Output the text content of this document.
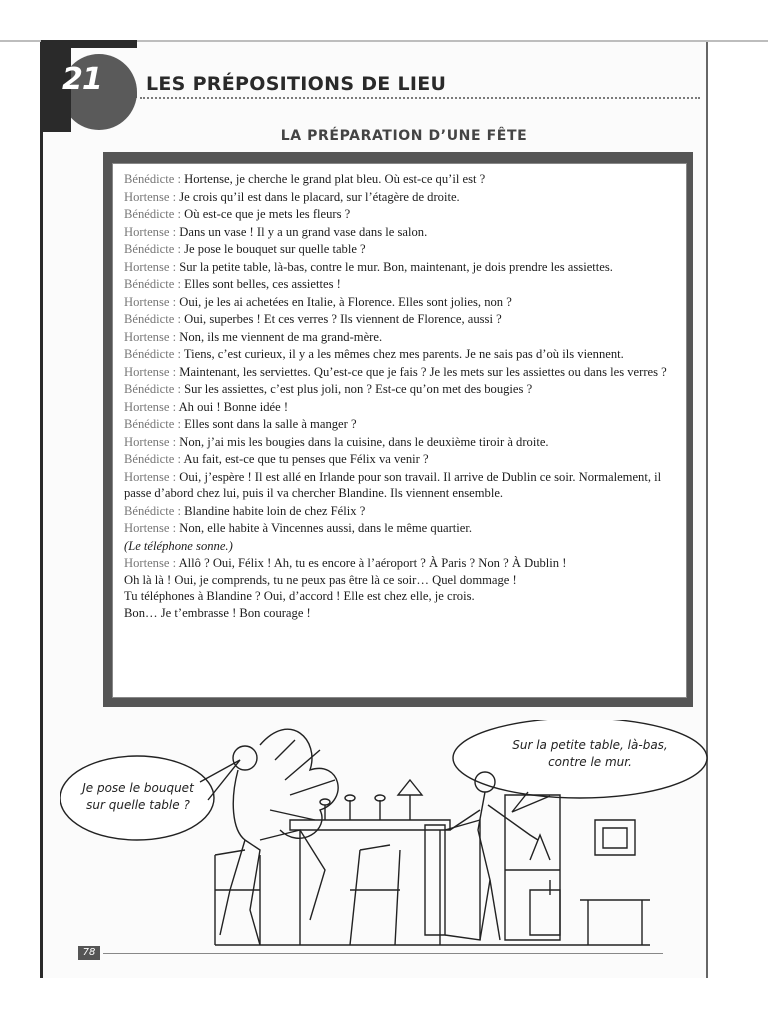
21	LES PRÉPOSITIONS DE LIEU
LA PRÉPARATION D’UNE FÊTE

Bénédicte : Hortense, je cherche le grand plat bleu. Où est-ce qu’il est ?

Hortense : Je crois qu’il est dans le placard, sur l’étagère de droite.

Bénédicte : Où est-ce que je mets les fleurs ?

Hortense : Dans un vase ! Il y a un grand vase dans le salon.

Bénédicte : Je pose le bouquet sur quelle table ?

Hortense : Sur la petite table, là-bas, contre le mur. Bon, maintenant, je dois prendre les assiettes.

Bénédicte : Elles sont belles, ces assiettes !

Hortense : Oui, je les ai achetées en Italie, à Florence. Elles sont jolies, non ?

Bénédicte : Oui, superbes ! Et ces verres ? Ils viennent de Florence, aussi ?

Hortense : Non, ils me viennent de ma grand-mère.

Bénédicte : Tiens, c’est curieux, il y a les mêmes chez mes parents. Je ne sais pas d’où ils viennent.

Hortense : Maintenant, les serviettes. Qu’est-ce que je fais ? Je les mets sur les assiettes ou dans les verres ?

Bénédicte : Sur les assiettes, c’est plus joli, non ? Est-ce qu’on met des bougies ?

Hortense : Ah oui ! Bonne idée !

Bénédicte : Elles sont dans la salle à manger ?

Hortense : Non, j’ai mis les bougies dans la cuisine, dans le deuxième tiroir à droite.

Bénédicte : Au fait, est-ce que tu penses que Félix va venir ?

Hortense : Oui, j’espère ! Il est allé en Irlande pour son travail. Il arrive de Dublin ce soir. Normalement, il passe d’abord chez lui, puis il va chercher Blandine. Ils viennent ensemble.

Bénédicte : Blandine habite loin de chez Félix ?

Hortense : Non, elle habite à Vincennes aussi, dans le même quartier.

(Le téléphone sonne.)

Hortense : Allô ? Oui, Félix ! Ah, tu es encore à l’aéroport ? À Paris ? Non ? À Dublin !
Oh là là ! Oui, je comprends, tu ne peux pas être là ce soir… Quel dommage !
Tu téléphones à Blandine ? Oui, d’accord ! Elle est chez elle, je crois.
Bon… Je t’embrasse ! Bon courage !

Je pose le bouquet
sur quelle table ?
Sur la petite table, là-bas,
contre le mur.
78
